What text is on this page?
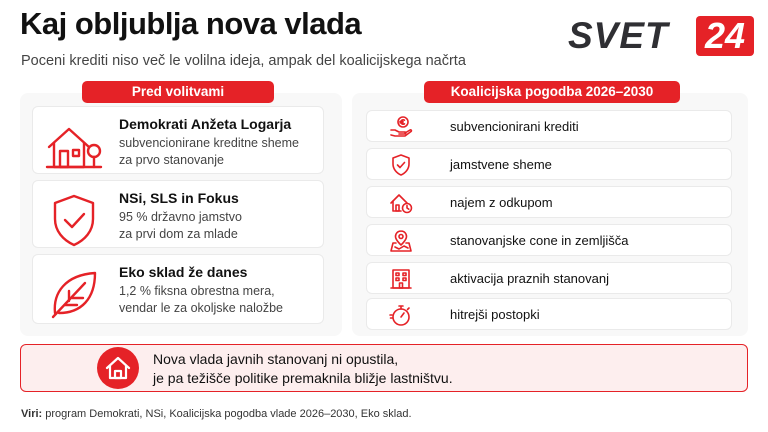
Kaj obljublja nova vlada
Poceni krediti niso več le volilna ideja, ampak del koalicijskega načrta
SVET 24
Pred volitvami	Koalicijska pogodba 2026–2030
Demokrati Anžeta Logarja
subvencionirane kreditne sheme
za prvo stanovanje
NSi, SLS in Fokus
95 % državno jamstvo
za prvi dom za mlade
Eko sklad že danes
1,2 % fiksna obrestna mera,
vendar le za okoljske naložbe
subvencionirani krediti
jamstvene sheme
najem z odkupom
stanovanjske cone in zemljišča
aktivacija praznih stanovanj
hitrejši postopki
Nova vlada javnih stanovanj ni opustila,
je pa težišče politike premaknila bližje lastništvu.
Viri: program Demokrati, NSi, Koalicijska pogodba vlade 2026–2030, Eko sklad.
